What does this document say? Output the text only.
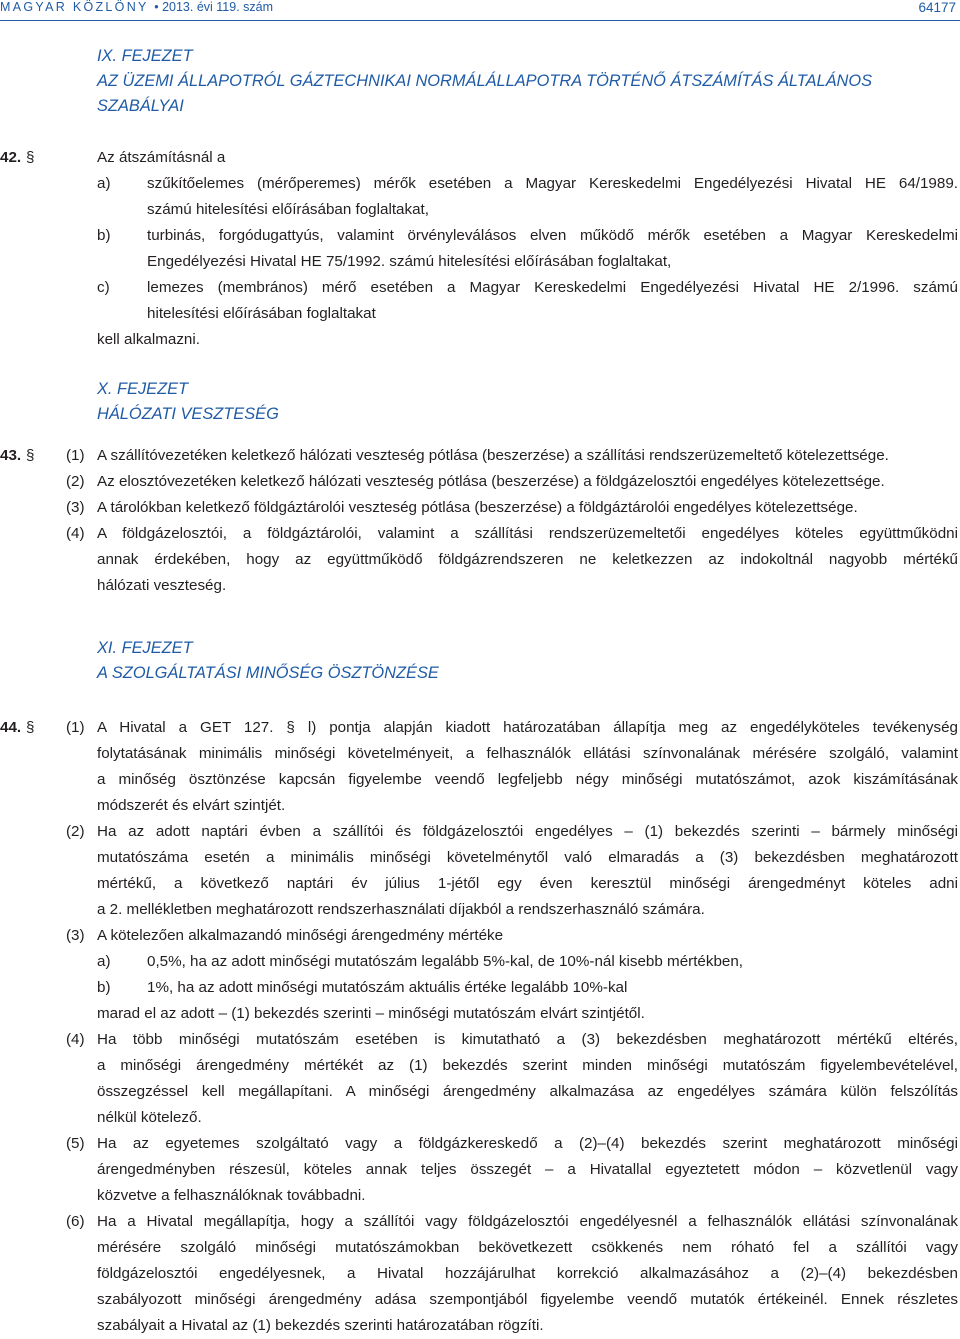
MAGYAR KÖZLÖNY • 2013. évi 119. szám	64177
IX. FEJEZET
AZ ÜZEMI ÁLLAPOTRÓL GÁZTECHNIKAI NORMÁLÁLLAPOTRA TÖRTÉNŐ ÁTSZÁMÍTÁS ÁLTALÁNOS
SZABÁLYAI
42. §	Az átszámításnál a
a) szűkítőelemes (mérőperemes) mérők esetében a Magyar Kereskedelmi Engedélyezési Hivatal HE 64/1989.
számú hitelesítési előírásában foglaltakat,
b) turbinás, forgódugattyús, valamint örvényleválásos elven működő mérők esetében a Magyar Kereskedelmi
Engedélyezési Hivatal HE 75/1992. számú hitelesítési előírásában foglaltakat,
c) lemezes (membrános) mérő esetében a Magyar Kereskedelmi Engedélyezési Hivatal HE 2/1996. számú
hitelesítési előírásában foglaltakat
kell alkalmazni.
X. FEJEZET
HÁLÓZATI VESZTESÉG
43. § (1) A szállítóvezetéken keletkező hálózati veszteség pótlása (beszerzése) a szállítási rendszerüzemeltető kötelezettsége.
(2) Az elosztóvezetéken keletkező hálózati veszteség pótlása (beszerzése) a földgázelosztói engedélyes kötelezettsége.
(3) A tárolókban keletkező földgáztárolói veszteség pótlása (beszerzése) a földgáztárolói engedélyes kötelezettsége.
(4) A földgázelosztói, a földgáztárolói, valamint a szállítási rendszerüzemeltetői engedélyes köteles együttműködni
annak érdekében, hogy az együttműködő földgázrendszeren ne keletkezzen az indokoltnál nagyobb mértékű
hálózati veszteség.
XI. FEJEZET
A SZOLGÁLTATÁSI MINŐSÉG ÖSZTÖNZÉSE
44. § (1) A Hivatal a GET 127. § l) pontja alapján kiadott határozatában állapítja meg az engedélyköteles tevékenység
folytatásának minimális minőségi követelményeit, a felhasználók ellátási színvonalának mérésére szolgáló, valamint
a minőség ösztönzése kapcsán figyelembe veendő legfeljebb négy minőségi mutatószámot, azok kiszámításának
módszerét és elvárt szintjét.
(2) Ha az adott naptári évben a szállítói és földgázelosztói engedélyes – (1) bekezdés szerinti – bármely minőségi
mutatószáma esetén a minimális minőségi követelménytől való elmaradás a (3) bekezdésben meghatározott
mértékű, a következő naptári év július 1-jétől egy éven keresztül minőségi árengedményt köteles adni
a 2. mellékletben meghatározott rendszerhasználati díjakból a rendszerhasználó számára.
(3) A kötelezően alkalmazandó minőségi árengedmény mértéke
a) 0,5%, ha az adott minőségi mutatószám legalább 5%-kal, de 10%-nál kisebb mértékben,
b) 1%, ha az adott minőségi mutatószám aktuális értéke legalább 10%-kal
marad el az adott – (1) bekezdés szerinti – minőségi mutatószám elvárt szintjétől.
(4) Ha több minőségi mutatószám esetében is kimutatható a (3) bekezdésben meghatározott mértékű eltérés,
a minőségi árengedmény mértékét az (1) bekezdés szerint minden minőségi mutatószám figyelembevételével,
összegzéssel kell megállapítani. A minőségi árengedmény alkalmazása az engedélyes számára külön felszólítás
nélkül kötelező.
(5) Ha az egyetemes szolgáltató vagy a földgázkereskedő a (2)–(4) bekezdés szerint meghatározott minőségi
árengedményben részesül, köteles annak teljes összegét – a Hivatallal egyeztetett módon – közvetlenül vagy
közvetve a felhasználóknak továbbadni.
(6) Ha a Hivatal megállapítja, hogy a szállítói vagy földgázelosztói engedélyesnél a felhasználók ellátási színvonalának
mérésére szolgáló minőségi mutatószámokban bekövetkezett csökkenés nem róható fel a szállítói vagy
földgázelosztói engedélyesnek, a Hivatal hozzájárulhat korrekció alkalmazásához a (2)–(4) bekezdésben
szabályozott minőségi árengedmény adása szempontjából figyelembe veendő mutatók értékeinél. Ennek részletes
szabályait a Hivatal az (1) bekezdés szerinti határozatában rögzíti.
